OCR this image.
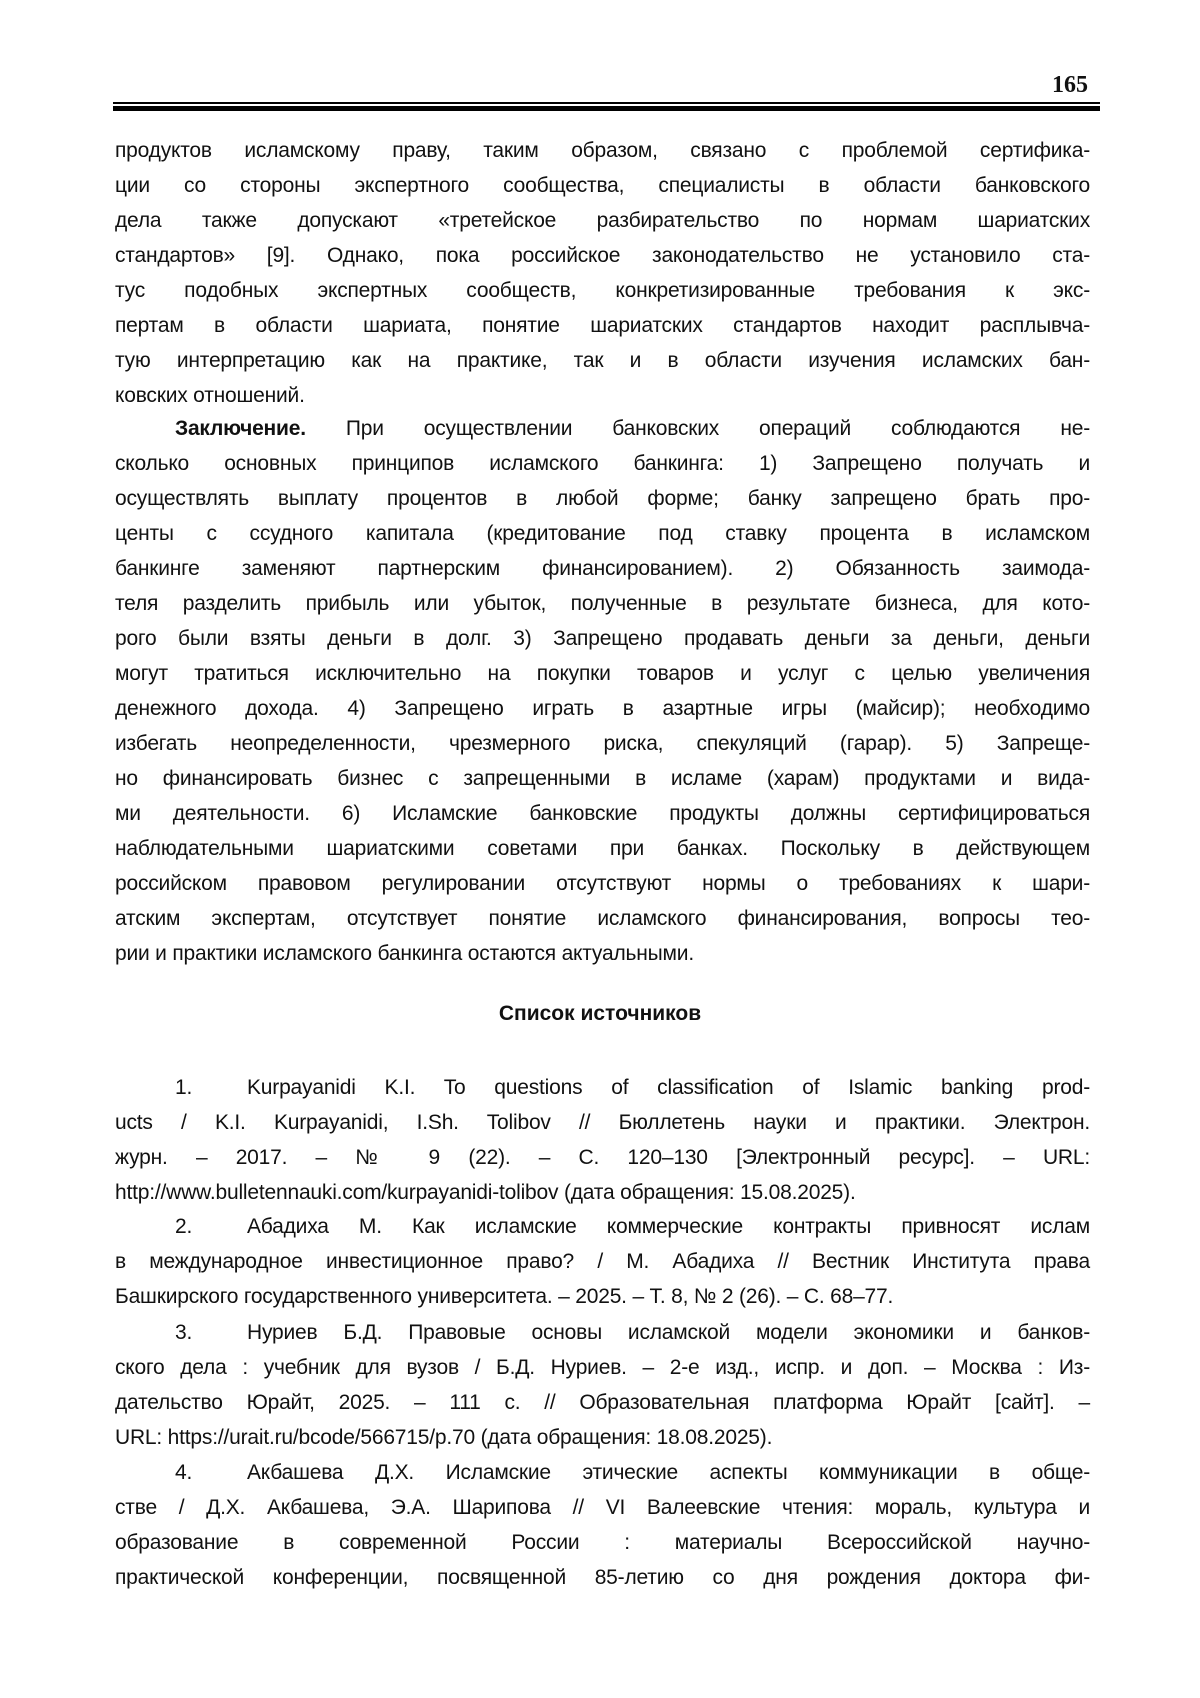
165
продуктов исламскому праву, таким образом, связано с проблемой сертифика-
ции со стороны экспертного сообщества, специалисты в области банковского
дела также допускают «третейское разбирательство по нормам шариатских
стандартов» [9]. Однако, пока российское законодательство не установило ста-
тус подобных экспертных сообществ, конкретизированные требования к экс-
пертам в области шариата, понятие шариатских стандартов находит расплывча-
тую интерпретацию как на практике, так и в области изучения исламских бан-
ковских отношений.
Заключение. При осуществлении банковских операций соблюдаются не-
сколько основных принципов исламского банкинга: 1) Запрещено получать и
осуществлять выплату процентов в любой форме; банку запрещено брать про-
центы с ссудного капитала (кредитование под ставку процента в исламском
банкинге заменяют партнерским финансированием). 2) Обязанность заимода-
теля разделить прибыль или убыток, полученные в результате бизнеса, для кото-
рого были взяты деньги в долг. 3) Запрещено продавать деньги за деньги, деньги
могут тратиться исключительно на покупки товаров и услуг с целью увеличения
денежного дохода. 4) Запрещено играть в азартные игры (майсир); необходимо
избегать неопределенности, чрезмерного риска, спекуляций (гарар). 5) Запреще-
но финансировать бизнес с запрещенными в исламе (харам) продуктами и вида-
ми деятельности. 6) Исламские банковские продукты должны сертифицироваться
наблюдательными шариатскими советами при банках. Поскольку в действующем
российском правовом регулировании отсутствуют нормы о требованиях к шари-
атским экспертам, отсутствует понятие исламского финансирования, вопросы тео-
рии и практики исламского банкинга остаются актуальными.
Список источников
1.	Kurpayanidi K.I. To questions of classification of Islamic banking prod-
ucts / K.I. Kurpayanidi, I.Sh. Tolibov // Бюллетень науки и практики. Электрон.
журн. – 2017. – № 9 (22). – С. 120–130 [Электронный ресурс]. – URL:
http://www.bulletennauki.com/kurpayanidi-tolibov (дата обращения: 15.08.2025).
2.	Абадиха М. Как исламские коммерческие контракты привносят ислам
в международное инвестиционное право? / М. Абадиха // Вестник Института права
Башкирского государственного университета. – 2025. – Т. 8, № 2 (26). – С. 68–77.
3.	Нуриев Б.Д. Правовые основы исламской модели экономики и банков-
ского дела : учебник для вузов / Б.Д. Нуриев. – 2-е изд., испр. и доп. – Москва : Из-
дательство Юрайт, 2025. – 111 с. // Образовательная платформа Юрайт [сайт]. –
URL: https://urait.ru/bcode/566715/p.70 (дата обращения: 18.08.2025).
4.	Акбашева Д.Х. Исламские этические аспекты коммуникации в обще-
стве / Д.Х. Акбашева, Э.А. Шарипова // VI Валеевские чтения: мораль, культура и
образование в современной России : материалы Всероссийской научно-
практической конференции, посвященной 85-летию со дня рождения доктора фи-
